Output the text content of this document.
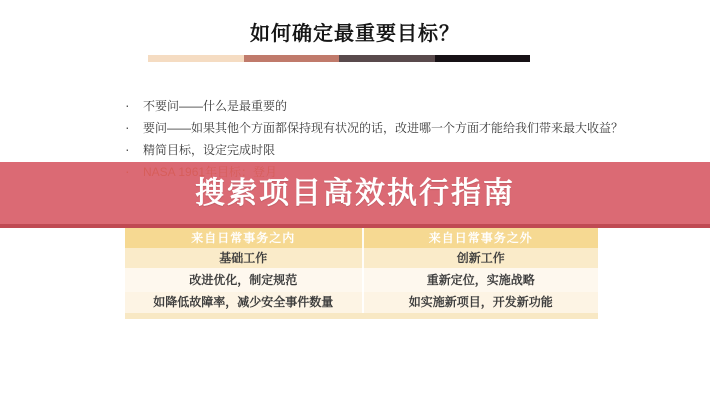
如何确定最重要目标？
·	不要问——什么是最重要的
·	要问——如果其他个方面都保持现有状况的话，改进哪一个方面才能给我们带来最大收益？
·	精简目标，设定完成时限
搜索项目高效执行指南
来自日常事务之内	来自日常事务之外
基础工作	创新工作
改进优化，制定规范	重新定位，实施战略
如降低故障率，减少安全事件数量	如实施新项目，开发新功能
